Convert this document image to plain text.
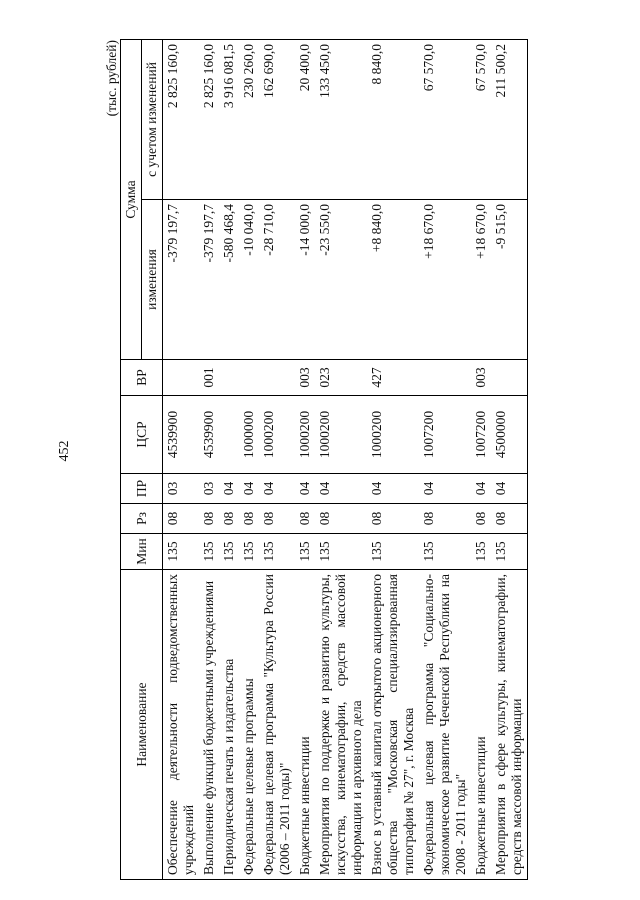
452
(тыс. рублей)
Наименование	Мин	Рз	ПР	ЦСР	ВР	Сумма	
						изменения	с учетом изменений
Обеспечение деятельности подведомственных учреждений	135	08	03	4539900		-379 197,7	2 825 160,0
Выполнение функций бюджетными учреждениями	135	08	03	4539900	001	-379 197,7	2 825 160,0
Периодическая печать и издательства	135	08	04			-580 468,4	3 916 081,5
Федеральные целевые программы	135	08	04	1000000		-10 040,0	230 260,0
Федеральная целевая программа "Культура России (2006 – 2011 годы)"	135	08	04	1000200		-28 710,0	162 690,0
Бюджетные инвестиции	135	08	04	1000200	003	-14 000,0	20 400,0
Мероприятия по поддержке и развитию культуры, искусства, кинематографии, средств массовой информации и архивного дела	135	08	04	1000200	023	-23 550,0	133 450,0
Взнос в уставный капитал открытого акционерного общества "Московская специализированная типография № 27", г. Москва	135	08	04	1000200	427	+8 840,0	8 840,0
Федеральная целевая программа "Социально-экономическое развитие Чеченской Республики на 2008 - 2011 годы"	135	08	04	1007200		+18 670,0	67 570,0
Бюджетные инвестиции	135	08	04	1007200	003	+18 670,0	67 570,0
Мероприятия в сфере культуры, кинематографии, средств массовой информации	135	08	04	4500000		-9 515,0	211 500,2
